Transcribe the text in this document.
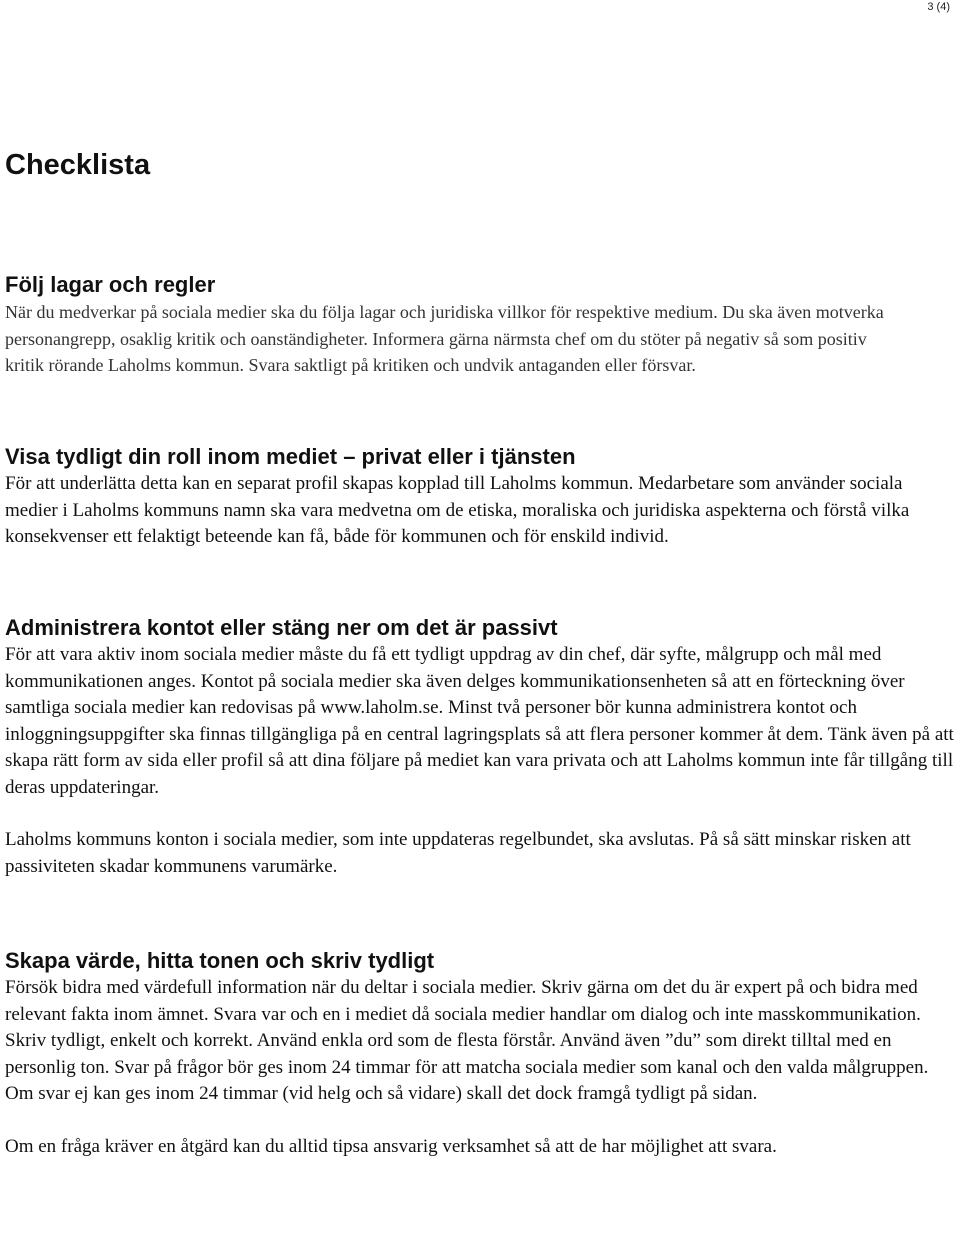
3 (4)
Checklista
Följ lagar och regler

När du medverkar på sociala medier ska du följa lagar och juridiska villkor för respektive medium. Du ska även motverka personangrepp, osaklig kritik och oanständigheter. Informera gärna närmsta chef om du stöter på negativ så som positiv kritik rörande Laholms kommun. Svara saktligt på kritiken och undvik antaganden eller försvar.

Visa tydligt din roll inom mediet – privat eller i tjänsten

För att underlätta detta kan en separat profil skapas kopplad till Laholms kommun. Medarbetare som använder sociala medier i Laholms kommuns namn ska vara medvetna om de etiska, moraliska och juridiska aspekterna och förstå vilka konsekvenser ett felaktigt beteende kan få, både för kommunen och för enskild individ.

Administrera kontot eller stäng ner om det är passivt

För att vara aktiv inom sociala medier måste du få ett tydligt uppdrag av din chef, där syfte, målgrupp och mål med kommunikationen anges. Kontot på sociala medier ska även delges kommunikationsenheten så att en förteckning över samtliga sociala medier kan redovisas på www.laholm.se. Minst två personer bör kunna administrera kontot och inloggningsuppgifter ska finnas tillgängliga på en central lagringsplats så att flera personer kommer åt dem. Tänk även på att skapa rätt form av sida eller profil så att dina följare på mediet kan vara privata och att Laholms kommun inte får tillgång till deras uppdateringar.

Laholms kommuns konton i sociala medier, som inte uppdateras regelbundet, ska avslutas. På så sätt minskar risken att passiviteten skadar kommunens varumärke.

Skapa värde, hitta tonen och skriv tydligt

Försök bidra med värdefull information när du deltar i sociala medier. Skriv gärna om det du är expert på och bidra med relevant fakta inom ämnet. Svara var och en i mediet då sociala medier handlar om dialog och inte masskommunikation. Skriv tydligt, enkelt och korrekt. Använd enkla ord som de flesta förstår. Använd även ”du” som direkt tilltal med en personlig ton. Svar på frågor bör ges inom 24 timmar för att matcha sociala medier som kanal och den valda målgruppen. Om svar ej kan ges inom 24 timmar (vid helg och så vidare) skall det dock framgå tydligt på sidan.

Om en fråga kräver en åtgärd kan du alltid tipsa ansvarig verksamhet så att de har möjlighet att svara.
